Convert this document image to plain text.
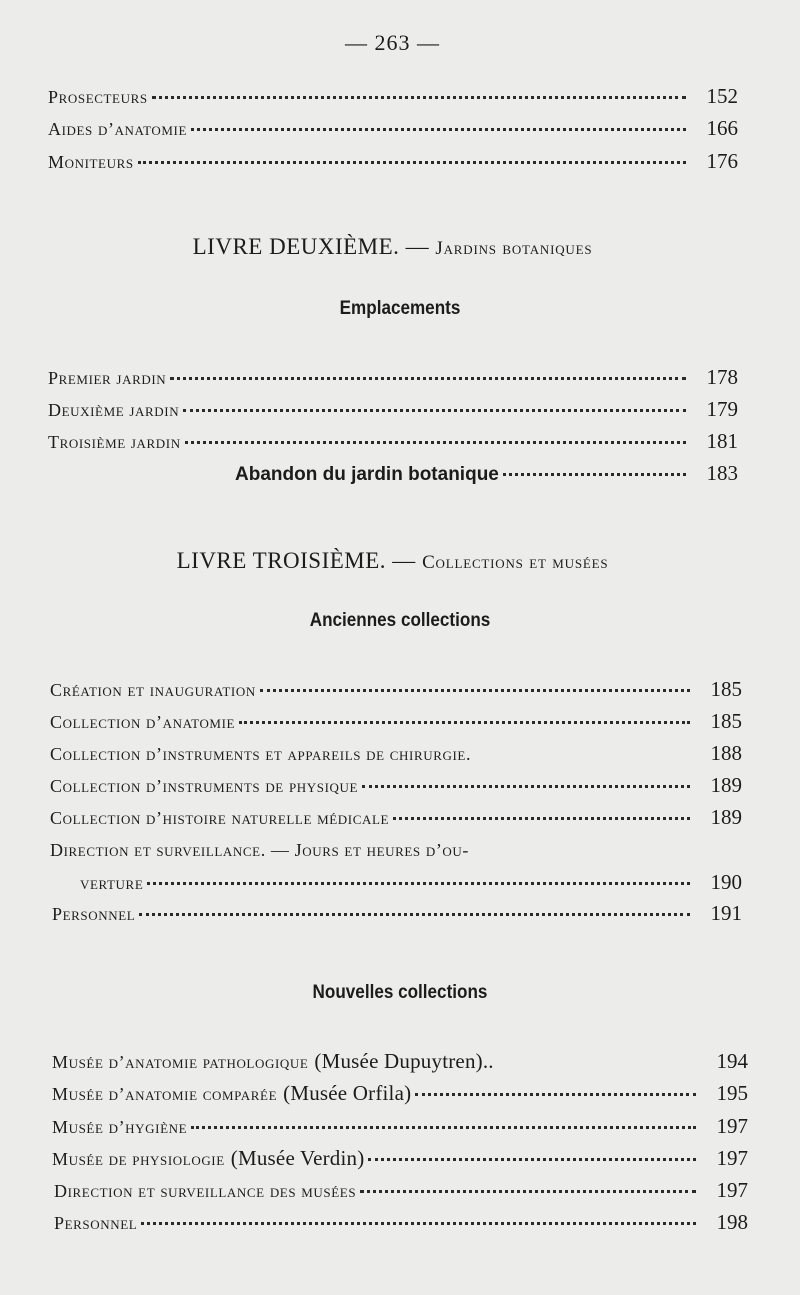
— 263 —
Prosecteurs	152
Aides d’anatomie	166
Moniteurs	176
LIVRE DEUXIÈME. — Jardins botaniques
Emplacements
Premier jardin	178
Deuxième jardin	179
Troisième jardin	181
Abandon du jardin botanique	183
LIVRE TROISIÈME. — Collections et musées
Anciennes collections
Création et inauguration	185
Collection d’anatomie	185
Collection d’instruments et appareils de chirurgie.	188
Collection d’instruments de physique	189
Collection d’histoire naturelle médicale	189
Direction et surveillance. — Jours et heures d’ou-
verture	190
Personnel	191
Nouvelles collections
Musée d’anatomie pathologique (Musée Dupuytren)..	194
Musée d’anatomie comparée (Musée Orfila)	195
Musée d’hygiène	197
Musée de physiologie (Musée Verdin)	197
Direction et surveillance des musées	197
Personnel	198
